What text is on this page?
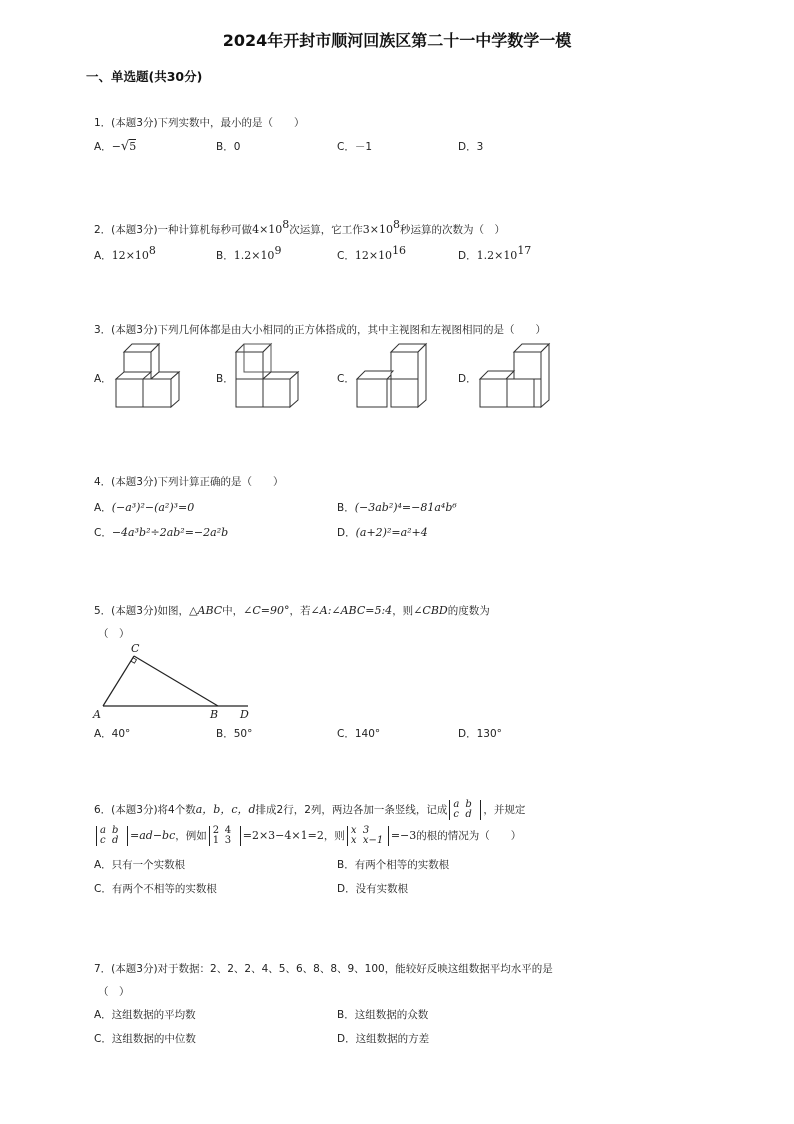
2024年开封市顺河回族区第二十一中学数学一模
一、单选题(共30分)
1．(本题3分)下列实数中，最小的是（　　）
A．−√5	B．0	C．－1	D．3
2．(本题3分)一种计算机每秒可做$4\times 10^8$次运算，它工作$3\times 10^8$秒运算的次数为（　）
A．$12\times 10^8$	B．$1.2\times 10^9$	C．$12\times 10^{16}$	D．$1.2\times 10^{17}$
3．(本题3分)下列几何体都是由大小相同的正方体搭成的，其中主视图和左视图相同的是（　　）
A．	B．	C．	D．
4．(本题3分)下列计算正确的是（　　）
A．(−a³)²−(a²)³=0	B．(−3ab²)⁴=−81a⁴b⁶
C．−4a³b²÷2ab²=−2a²b	D．(a+2)²=a²+4
5．(本题3分)如图，△ABC中，∠C=90°，若∠A:∠ABC=5:4，则∠CBD的度数为
（　）
C
A	B D
A．40°	B．50°	C．140°	D．130°
6．(本题3分)将4个数a，b，c，d排成2行，2列，两边各加一条竖线，记成 a b
c d	，并规定
a b
c d	=ad−bc，例如 2 4
1 3	=2×3−4×1=2，则 x 3
x x−1 =−3的根的情况为（　　）
A．只有一个实数根	B．有两个相等的实数根
C．有两个不相等的实数根	D．没有实数根
7．(本题3分)对于数据：2、2、2、4、5、6、8、8、9、100，能较好反映这组数据平均水平的是
（　）
A．这组数据的平均数	B．这组数据的众数
C．这组数据的中位数	D．这组数据的方差
